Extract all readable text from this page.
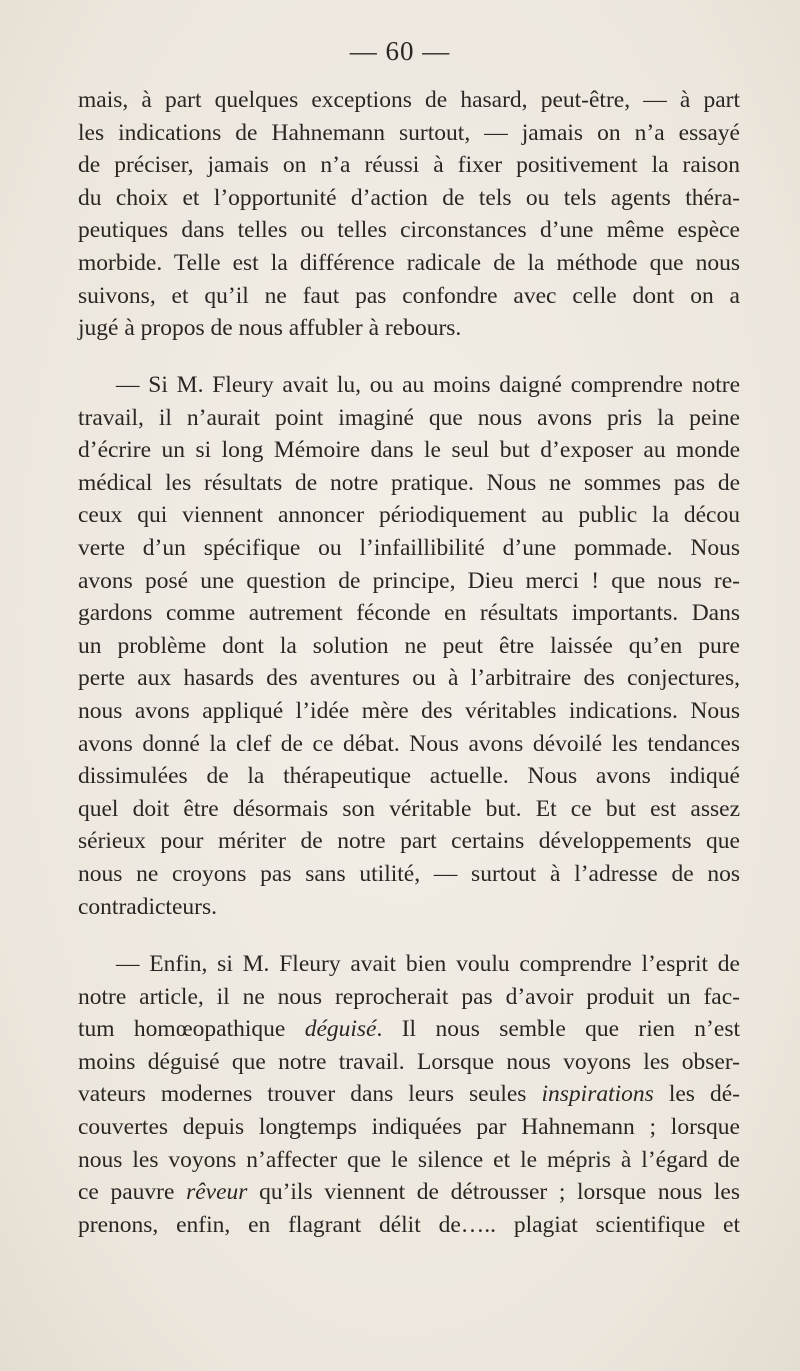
— 60 —
mais, à part quelques exceptions de hasard, peut-être, — à part
les indications de Hahnemann surtout, — jamais on n’a essayé
de préciser, jamais on n’a réussi à fixer positivement la raison
du choix et l’opportunité d’action de tels ou tels agents théra-
peutiques dans telles ou telles circonstances d’une même espèce
morbide. Telle est la différence radicale de la méthode que nous
suivons, et qu’il ne faut pas confondre avec celle dont on a
jugé à propos de nous affubler à rebours.
— Si M. Fleury avait lu, ou au moins daigné comprendre notre
travail, il n’aurait point imaginé que nous avons pris la peine
d’écrire un si long Mémoire dans le seul but d’exposer au monde
médical les résultats de notre pratique. Nous ne sommes pas de
ceux qui viennent annoncer périodiquement au public la décou
verte d’un spécifique ou l’infaillibilité d’une pommade. Nous
avons posé une question de principe, Dieu merci ! que nous re-
gardons comme autrement féconde en résultats importants. Dans
un problème dont la solution ne peut être laissée qu’en pure
perte aux hasards des aventures ou à l’arbitraire des conjectures,
nous avons appliqué l’idée mère des véritables indications. Nous
avons donné la clef de ce débat. Nous avons dévoilé les tendances
dissimulées de la thérapeutique actuelle. Nous avons indiqué
quel doit être désormais son véritable but. Et ce but est assez
sérieux pour mériter de notre part certains développements que
nous ne croyons pas sans utilité, — surtout à l’adresse de nos
contradicteurs.
— Enfin, si M. Fleury avait bien voulu comprendre l’esprit de
notre article, il ne nous reprocherait pas d’avoir produit un fac-
tum homœopathique déguisé. Il nous semble que rien n’est
moins déguisé que notre travail. Lorsque nous voyons les obser-
vateurs modernes trouver dans leurs seules inspirations les dé-
couvertes depuis longtemps indiquées par Hahnemann ; lorsque
nous les voyons n’affecter que le silence et le mépris à l’égard de
ce pauvre rêveur qu’ils viennent de détrousser ; lorsque nous les
prenons, enfin, en flagrant délit de….. plagiat scientifique et
